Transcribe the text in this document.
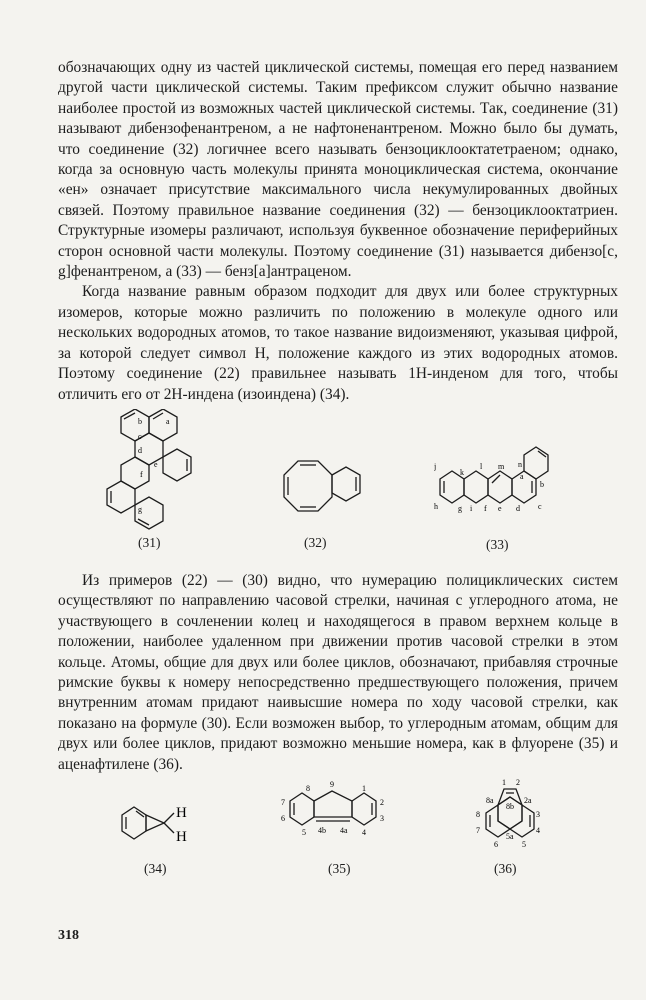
обозначающих одну из частей циклической системы, помещая его перед названием другой части циклической системы. Таким префиксом служит обычно название наиболее простой из возможных частей циклической системы. Так, соединение (31) называют дибензофенантреном, а не нафтоненантреном. Можно было бы думать, что соединение (32) логичнее всего называть бензоциклооктатетраеном; однако, когда за основную часть молекулы принята моноциклическая система, окончание «ен» означает присутствие максимального числа некумулированных двойных связей. Поэтому правильное название соединения (32) — бензоциклооктатриен. Структурные изомеры различают, используя буквенное обозначение периферийных сторон основной части молекулы. Поэтому соединение (31) называется дибензо[c, g]фенантреном, а (33) — бенз[a]антраценом.

Когда название равным образом подходит для двух или более структурных изомеров, которые можно различить по положению в молекуле одного или нескольких водородных атомов, то такое название видоизменяют, указывая цифрой, за которой следует символ H, положение каждого из этих водородных атомов. Поэтому соединение (22) правильнее называть 1H-инденом для того, чтобы отличить его от 2H-индена (изоиндена) (34).

b	a
c
d
e
f
g
(31)	(32)
j
h	g i
k
l m n
a
b
c
d
e
f
(33)

Из примеров (22) — (30) видно, что нумерацию полициклических систем осуществляют по направлению часовой стрелки, начиная с углеродного атома, не участвующего в сочленении колец и находящегося в правом верхнем кольце в положении, наиболее удаленном при движении против часовой стрелки в этом кольце. Атомы, общие для двух или более циклов, обозначают, прибавляя строчные римские буквы к номеру непосредственно предшествующего положения, причем внутренним атомам придают наивысшие номера по ходу часовой стрелки, как показано на формуле (30). Если возможен выбор, то углеродным атомам, общим для двух или более циклов, придают возможно меньшие номера, как в флуорене (35) и аценафтилене (36).

H
H
(34)
9
8
7
6
5 4b 4a 4
3
2
1
(35)
1 2
2a
3
4
5
5a
6
7
8
8a
8b
(36)
318
